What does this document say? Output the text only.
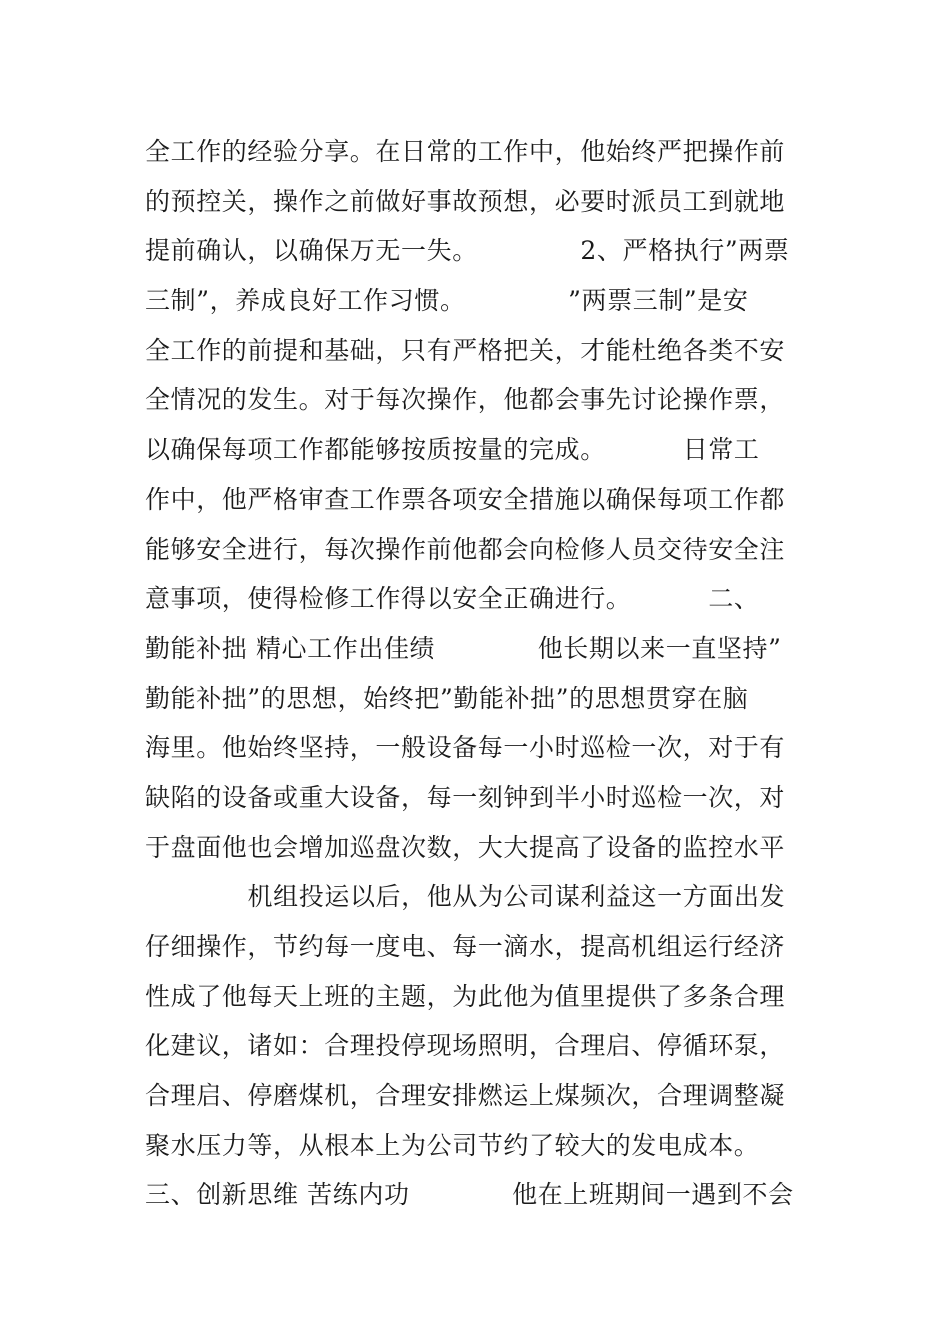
全工作的经验分享。在日常的工作中，他始终严把操作前
的预控关，操作之前做好事故预想，必要时派员工到就地
提前确认，以确保万无一失。            2、严格执行”两票
三制”，养成良好工作习惯。            ”两票三制”是安
全工作的前提和基础，只有严格把关，才能杜绝各类不安
全情况的发生。对于每次操作，他都会事先讨论操作票，
以确保每项工作都能够按质按量的完成。         日常工
作中，他严格审查工作票各项安全措施以确保每项工作都
能够安全进行，每次操作前他都会向检修人员交待安全注
意事项，使得检修工作得以安全正确进行。         二、
勤能补拙 精心工作出佳绩            他长期以来一直坚持”
勤能补拙”的思想，始终把”勤能补拙”的思想贯穿在脑
海里。他始终坚持，一般设备每一小时巡检一次，对于有
缺陷的设备或重大设备，每一刻钟到半小时巡检一次，对
于盘面他也会增加巡盘次数，大大提高了设备的监控水平
机组投运以后，他从为公司谋利益这一方面出发
仔细操作，节约每一度电、每一滴水，提高机组运行经济
性成了他每天上班的主题，为此他为值里提供了多条合理
化建议，诸如：合理投停现场照明，合理启、停循环泵，
合理启、停磨煤机，合理安排燃运上煤频次，合理调整凝
聚水压力等，从根本上为公司节约了较大的发电成本。
三、创新思维 苦练内功            他在上班期间一遇到不会
